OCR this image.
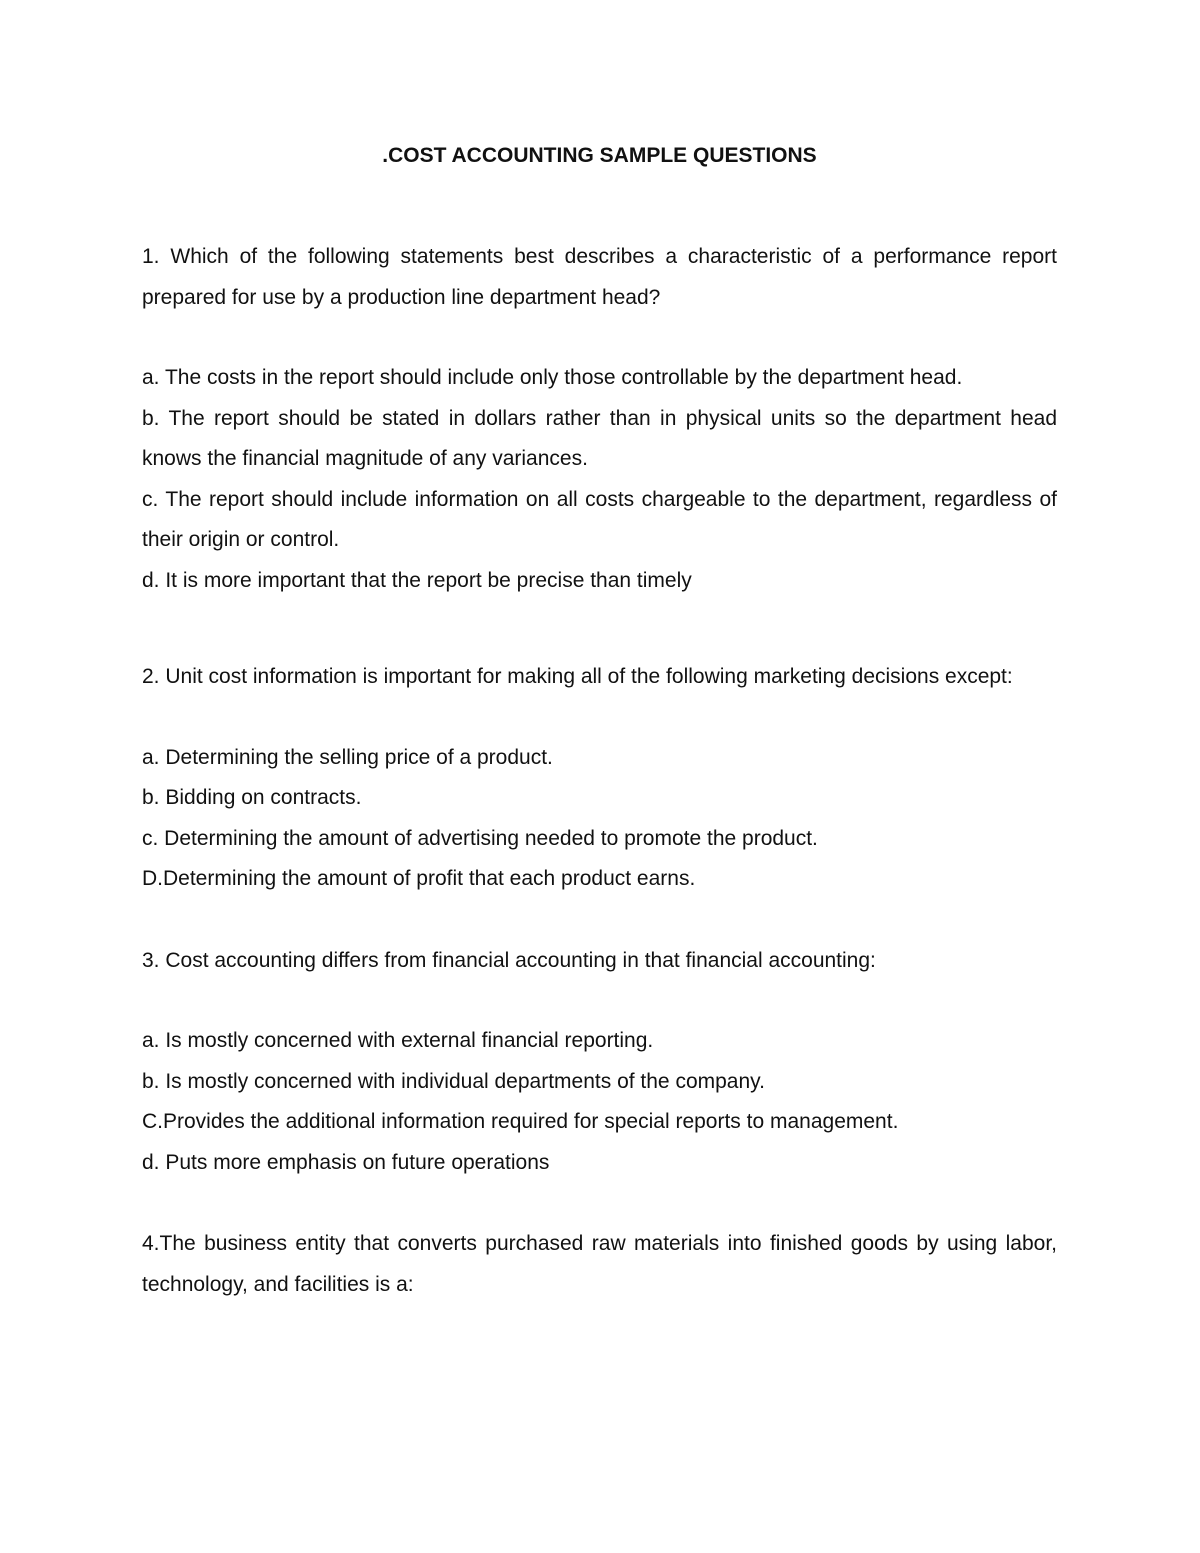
.COST ACCOUNTING SAMPLE QUESTIONS

1. Which of the following statements best describes a characteristic of a performance report prepared for use by a production line department head?

a. The costs in the report should include only those controllable by the department head.

b. The report should be stated in dollars rather than in physical units so the department head knows the financial magnitude of any variances.

c. The report should include information on all costs chargeable to the department, regardless of their origin or control.

d. It is more important that the report be precise than timely

2. Unit cost information is important for making all of the following marketing decisions except:

a. Determining the selling price of a product.

b. Bidding on contracts.

c. Determining the amount of advertising needed to promote the product.

D.Determining the amount of profit that each product earns.

3. Cost accounting differs from financial accounting in that financial accounting:

a. Is mostly concerned with external financial reporting.

b. Is mostly concerned with individual departments of the company.

C.Provides the additional information required for special reports to management.

d. Puts more emphasis on future operations

4.The business entity that converts purchased raw materials into finished goods by using labor, technology, and facilities is a:
